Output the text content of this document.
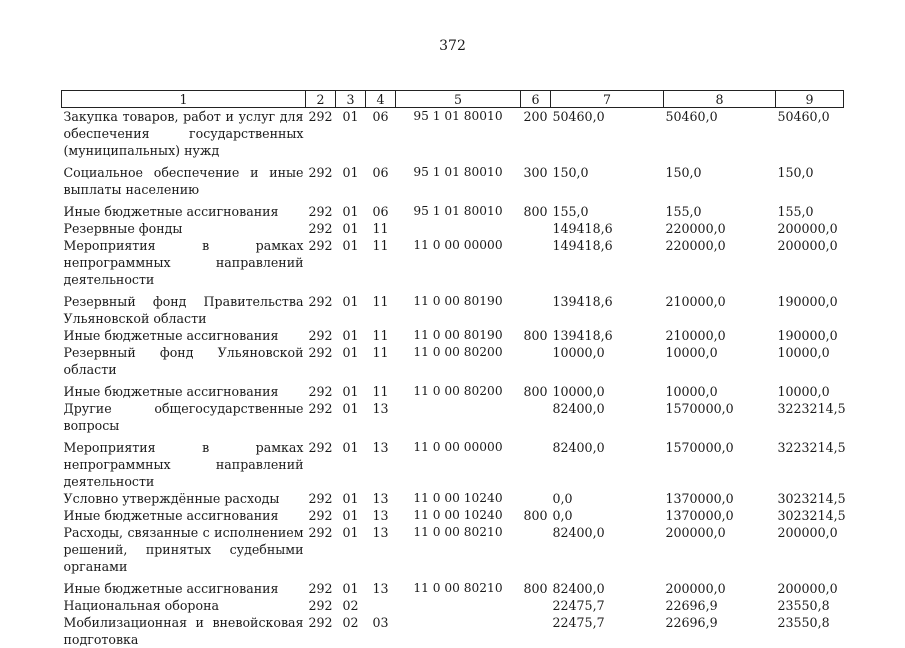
372
1	2	3	4	5	6	7	8	9
Закупка товаров, работ и услуг для обеспечения государственных (муниципальных) нужд	292	01	06	95 1 01 80010	200	50460,0	50460,0	50460,0
Социальное обеспечение и иные выплаты населению	292	01	06	95 1 01 80010	300	150,0	150,0	150,0
Иные бюджетные ассигнования	292	01	06	95 1 01 80010	800	155,0	155,0	155,0
Резервные фонды	292	01	11			149418,6	220000,0	200000,0
Мероприятия в рамках непрограммных направлений деятельности	292	01	11	11 0 00 00000		149418,6	220000,0	200000,0
Резервный фонд Правительства Ульяновской области	292	01	11	11 0 00 80190		139418,6	210000,0	190000,0
Иные бюджетные ассигнования	292	01	11	11 0 00 80190	800	139418,6	210000,0	190000,0
Резервный фонд Ульяновской области	292	01	11	11 0 00 80200		10000,0	10000,0	10000,0
Иные бюджетные ассигнования	292	01	11	11 0 00 80200	800	10000,0	10000,0	10000,0
Другие общегосударственные вопросы	292	01	13			82400,0	1570000,0	3223214,5
Мероприятия в рамках непрограммных направлений деятельности	292	01	13	11 0 00 00000		82400,0	1570000,0	3223214,5
Условно утверждённые расходы	292	01	13	11 0 00 10240		0,0	1370000,0	3023214,5
Иные бюджетные ассигнования	292	01	13	11 0 00 10240	800	0,0	1370000,0	3023214,5
Расходы, связанные с исполнением решений, принятых судебными органами	292	01	13	11 0 00 80210		82400,0	200000,0	200000,0
Иные бюджетные ассигнования	292	01	13	11 0 00 80210	800	82400,0	200000,0	200000,0
Национальная оборона	292	02				22475,7	22696,9	23550,8
Мобилизационная и вневойсковая подготовка	292	02	03			22475,7	22696,9	23550,8
